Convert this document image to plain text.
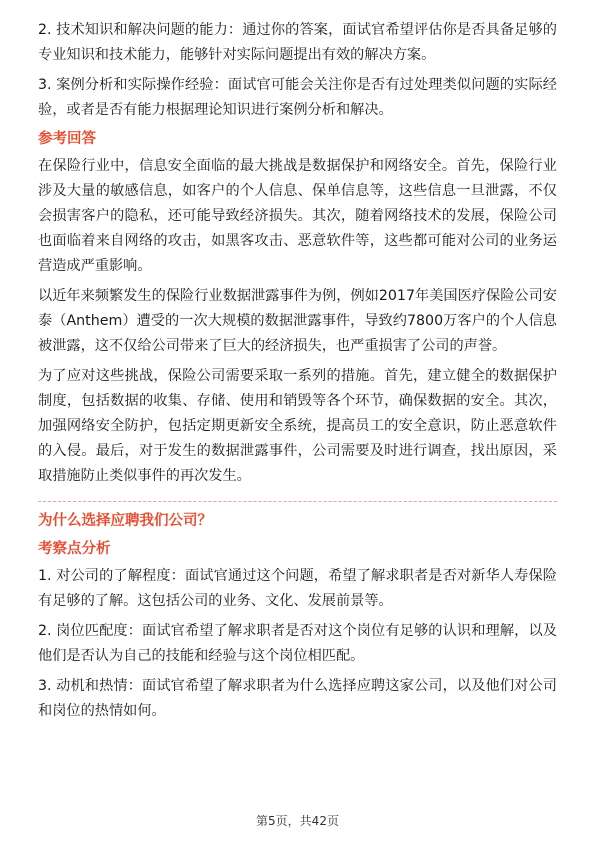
2. 技术知识和解决问题的能力：通过你的答案，面试官希望评估你是否具备足够的专业知识和技术能力，能够针对实际问题提出有效的解决方案。

3. 案例分析和实际操作经验：面试官可能会关注你是否有过处理类似问题的实际经验，或者是否有能力根据理论知识进行案例分析和解决。

参考回答

在保险行业中，信息安全面临的最大挑战是数据保护和网络安全。首先，保险行业涉及大量的敏感信息，如客户的个人信息、保单信息等，这些信息一旦泄露，不仅会损害客户的隐私，还可能导致经济损失。其次，随着网络技术的发展，保险公司也面临着来自网络的攻击，如黑客攻击、恶意软件等，这些都可能对公司的业务运营造成严重影响。

以近年来频繁发生的保险行业数据泄露事件为例，例如2017年美国医疗保险公司安泰（Anthem）遭受的一次大规模的数据泄露事件，导致约7800万客户的个人信息被泄露，这不仅给公司带来了巨大的经济损失，也严重损害了公司的声誉。

为了应对这些挑战，保险公司需要采取一系列的措施。首先，建立健全的数据保护制度，包括数据的收集、存储、使用和销毁等各个环节，确保数据的安全。其次，加强网络安全防护，包括定期更新安全系统，提高员工的安全意识，防止恶意软件的入侵。最后，对于发生的数据泄露事件，公司需要及时进行调查，找出原因，采取措施防止类似事件的再次发生。

为什么选择应聘我们公司？
考察点分析

1. 对公司的了解程度：面试官通过这个问题，希望了解求职者是否对新华人寿保险有足够的了解。这包括公司的业务、文化、发展前景等。

2. 岗位匹配度：面试官希望了解求职者是否对这个岗位有足够的认识和理解，以及他们是否认为自己的技能和经验与这个岗位相匹配。

3. 动机和热情：面试官希望了解求职者为什么选择应聘这家公司，以及他们对公司和岗位的热情如何。

第5页，共42页
